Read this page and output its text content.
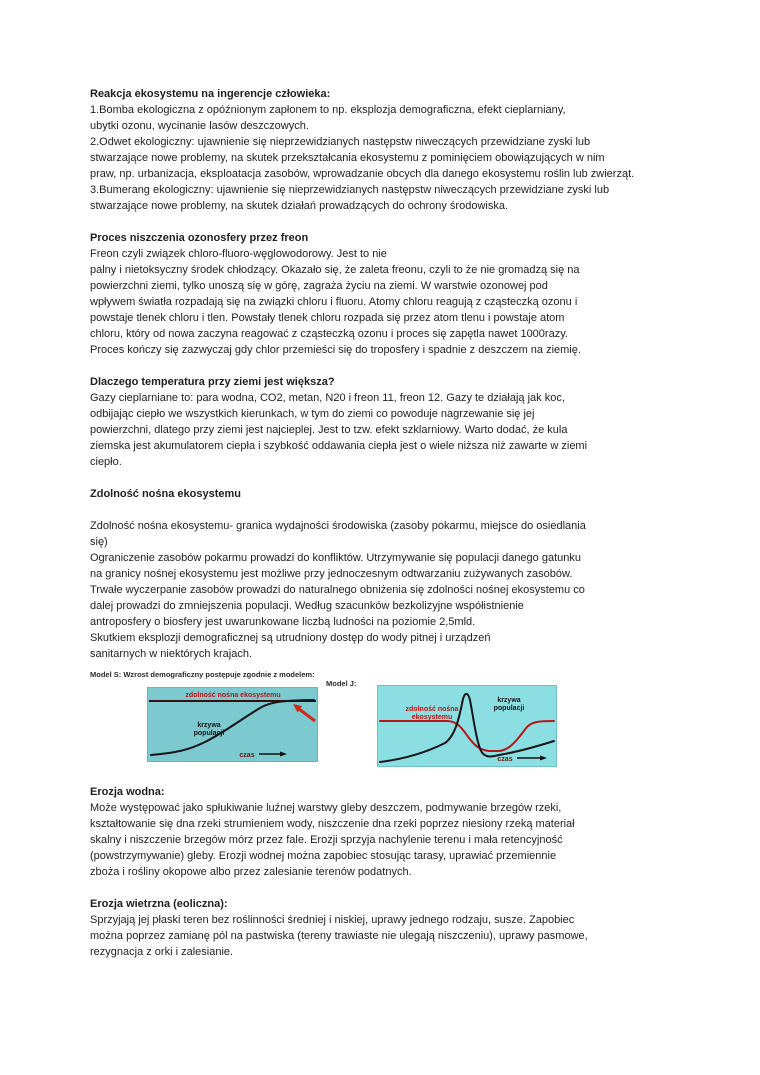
Reakcja ekosystemu na ingerencje człowieka:
1.Bomba ekologiczna z opóźnionym zapłonem to np. eksplozja demograficzna, efekt cieplarniany,
ubytki ozonu, wycinanie lasów deszczowych.
2.Odwet ekologiczny: ujawnienie się nieprzewidzianych następstw niweczących przewidziane zyski lub
stwarzające nowe problemy, na skutek przekształcania ekosystemu z pominięciem obowiązujących w nim
praw, np. urbanizacja, eksploatacja zasobów, wprowadzanie obcych dla danego ekosystemu roślin lub zwierząt.
3.Bumerang ekologiczny: ujawnienie się nieprzewidzianych następstw niweczących przewidziane zyski lub
stwarzające nowe problemy, na skutek działań prowadzących do ochrony środowiska.
Proces niszczenia ozonosfery przez freon
Freon czyli związek chloro-fluoro-węglowodorowy. Jest to nie
palny i nietoksyczny środek chłodzący. Okazało się, że zaleta freonu, czyli to że nie gromadzą się na
powierzchni ziemi, tylko unoszą się w górę, zagraża życiu na ziemi. W warstwie ozonowej pod
wpływem światła rozpadają się na związki chloru i fluoru. Atomy chloru reagują z cząsteczką ozonu i
powstaje tlenek chloru i tlen. Powstały tlenek chloru rozpada się przez atom tlenu i powstaje atom
chloru, który od nowa zaczyna reagować z cząsteczką ozonu i proces się zapętla nawet 1000razy.
Proces kończy się zazwyczaj gdy chlor przemieści się do troposfery i spadnie z deszczem na ziemię.
Dlaczego temperatura przy ziemi jest większa?
Gazy cieplarniane to: para wodna, CO2, metan, N20 i freon 11, freon 12. Gazy te działają jak koc,
odbijając ciepło we wszystkich kierunkach, w tym do ziemi co powoduje nagrzewanie się jej
powierzchni, dlatego przy ziemi jest najcieplej. Jest to tzw. efekt szklarniowy. Warto dodać, że kula
ziemska jest akumulatorem ciepła i szybkość oddawania ciepła jest o wiele niższa niż zawarte w ziemi
ciepło.
Zdolność nośna ekosystemu
Zdolność nośna ekosystemu- granica wydajności środowiska (zasoby pokarmu, miejsce do osiedlania
się)
Ograniczenie zasobów pokarmu prowadzi do konfliktów. Utrzymywanie się populacji danego gatunku
na granicy nośnej ekosystemu jest możliwe przy jednoczesnym odtwarzaniu zużywanych zasobów.
Trwałe wyczerpanie zasobów prowadzi do naturalnego obniżenia się zdolności nośnej ekosystemu co
dalej prowadzi do zmniejszenia populacji. Według szacunków bezkolizyjne współistnienie
antroposfery o biosfery jest uwarunkowane liczbą ludności na poziomie 2,5mld.
Skutkiem eksplozji demograficznej są utrudniony dostęp do wody pitnej i urządzeń
sanitarnych w niektórych krajach.
Model S: Wzrost demograficzny postępuje zgodnie z modelem:
Model J:
zdolność nośna ekosystemu
krzywa
populacji
czas
zdolność nośna
ekosystemu
krzywa
populacji
czas
Erozja wodna:
Może występować jako spłukiwanie luźnej warstwy gleby deszczem, podmywanie brzegów rzeki,
kształtowanie się dna rzeki strumieniem wody, niszczenie dna rzeki poprzez niesiony rzeką materiał
skalny i niszczenie brzegów mórz przez fale. Erozji sprzyja nachylenie terenu i mała retencyjność
(powstrzymywanie) gleby. Erozji wodnej można zapobiec stosując tarasy, uprawiać przemiennie
zboża i rośliny okopowe albo przez zalesianie terenów podatnych.
Erozja wietrzna (eoliczna):
Sprzyjają jej płaski teren bez roślinności średniej i niskiej, uprawy jednego rodzaju, susze. Zapobiec
można poprzez zamianę pól na pastwiska (tereny trawiaste nie ulegają niszczeniu), uprawy pasmowe,
rezygnacja z orki i zalesianie.
